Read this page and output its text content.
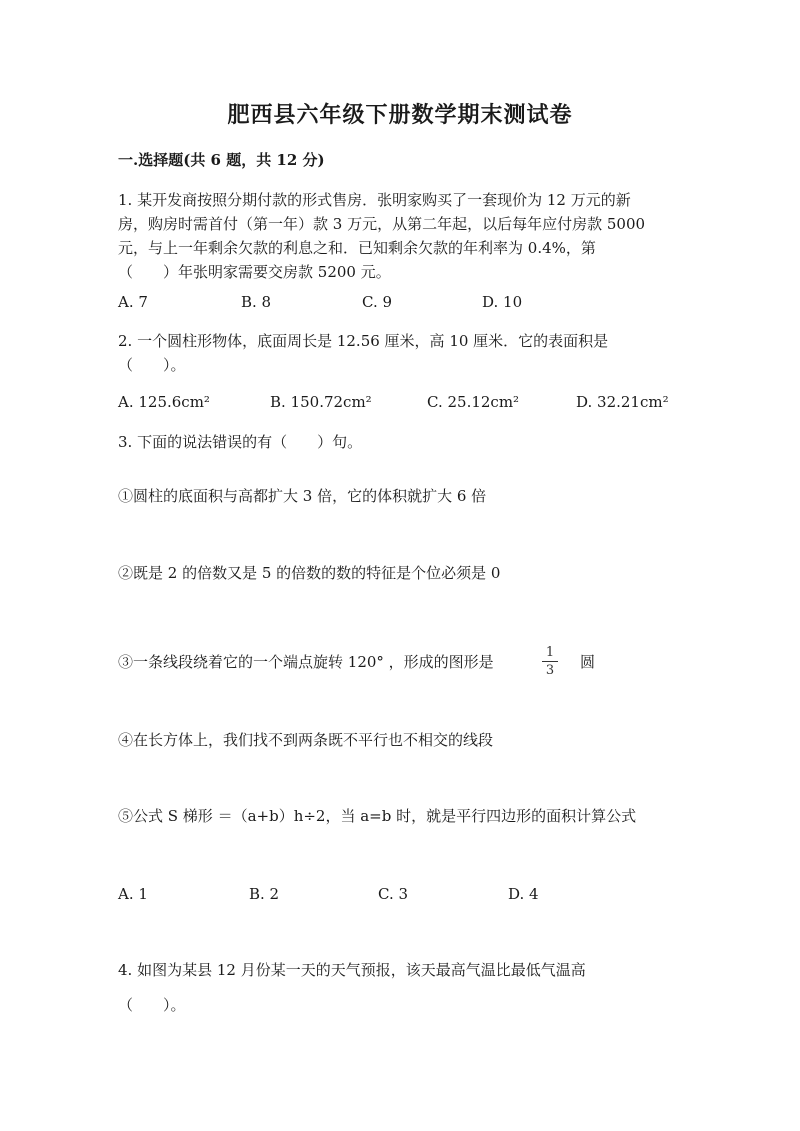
肥西县六年级下册数学期末测试卷
一.选择题(共 6 题，共 12 分)
1. 某开发商按照分期付款的形式售房．张明家购买了一套现价为 12 万元的新
房，购房时需首付（第一年）款 3 万元，从第二年起，以后每年应付房款 5000
元，与上一年剩余欠款的利息之和．已知剩余欠款的年利率为 0.4%，第
（　　）年张明家需要交房款 5200 元。
A. 7	B. 8	C. 9	D. 10
2. 一个圆柱形物体，底面周长是 12.56 厘米，高 10 厘米．它的表面积是
（　　）。
A. 125.6cm²	B. 150.72cm²	C. 25.12cm²	D. 32.21cm²
3. 下面的说法错误的有（　　）句。
①圆柱的底面积与高都扩大 3 倍，它的体积就扩大 6 倍
②既是 2 的倍数又是 5 的倍数的数的特征是个位必须是 0
③一条线段绕着它的一个端点旋转 120° ，形成的图形是
1
3	圆
④在长方体上，我们找不到两条既不平行也不相交的线段
⑤公式 S 梯形 ＝（a+b）h÷2，当 a=b 时，就是平行四边形的面积计算公式
A. 1	B. 2	C. 3	D. 4
4. 如图为某县 12 月份某一天的天气预报，该天最高气温比最低气温高
（　　）。
